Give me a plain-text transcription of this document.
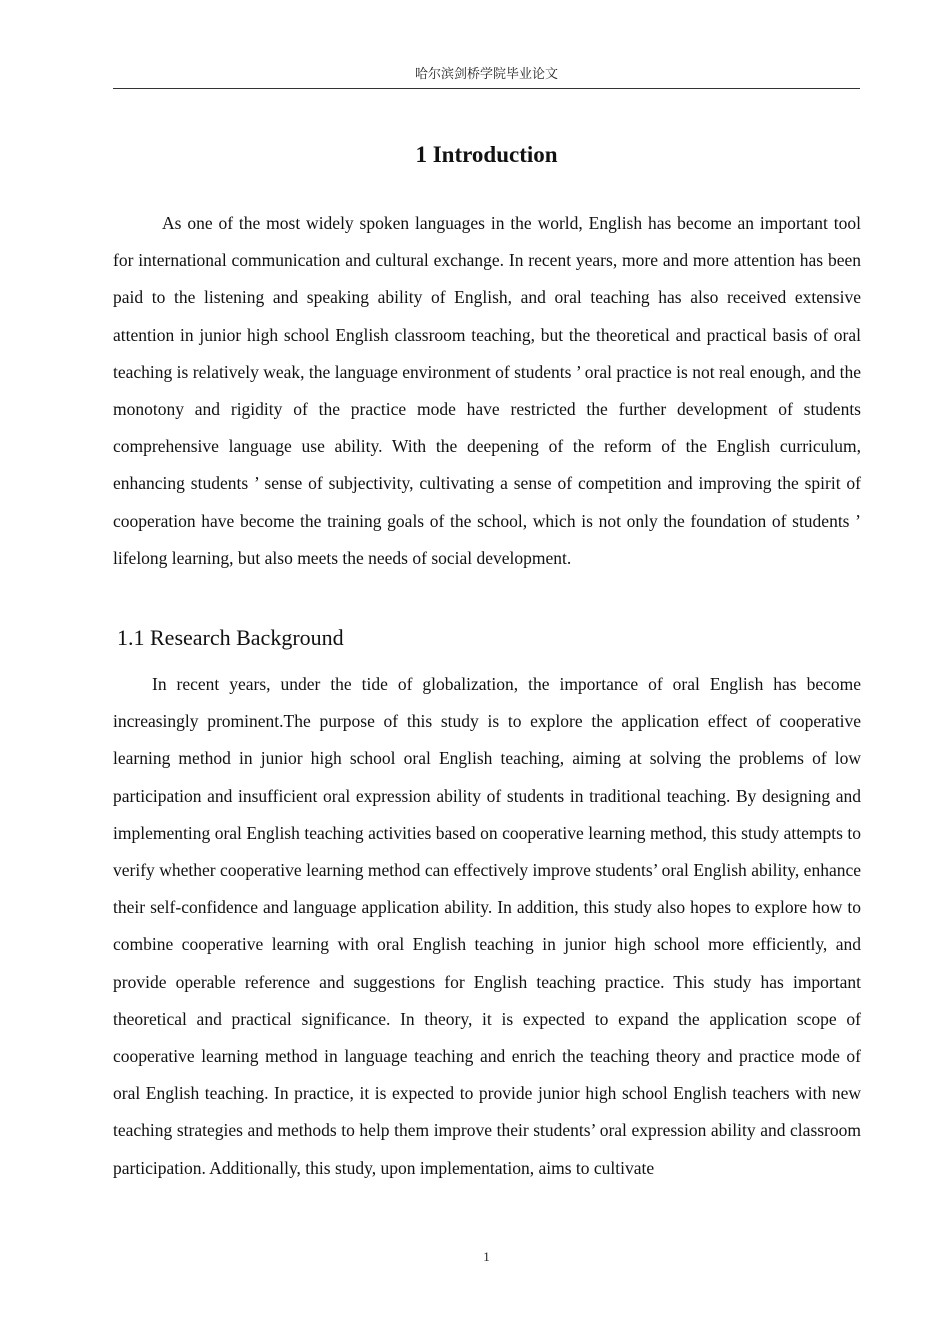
哈尔滨剑桥学院毕业论文
1 Introduction

As one of the most widely spoken languages in the world, English has become an important tool for international communication and cultural exchange. In recent years, more and more attention has been paid to the listening and speaking ability of English, and oral teaching has also received extensive attention in junior high school English classroom teaching, but the theoretical and practical basis of oral teaching is relatively weak, the language environment of students ’ oral practice is not real enough, and the monotony and rigidity of the practice mode have restricted the further development of students comprehensive language use ability. With the deepening of the reform of the English curriculum, enhancing students ’ sense of subjectivity, cultivating a sense of competition and improving the spirit of cooperation have become the training goals of the school, which is not only the foundation of students ’ lifelong learning, but also meets the needs of social development.

1.1 Research Background

In recent years, under the tide of globalization, the importance of oral English has become increasingly prominent.The purpose of this study is to explore the application effect of cooperative learning method in junior high school oral English teaching, aiming at solving the problems of low participation and insufficient oral expression ability of students in traditional teaching. By designing and implementing oral English teaching activities based on cooperative learning method, this study attempts to verify whether cooperative learning method can effectively improve students’ oral English ability, enhance their self-confidence and language application ability. In addition, this study also hopes to explore how to combine cooperative learning with oral English teaching in junior high school more efficiently, and provide operable reference and suggestions for English teaching practice. This study has important theoretical and practical significance. In theory, it is expected to expand the application scope of cooperative learning method in language teaching and enrich the teaching theory and practice mode of oral English teaching. In practice, it is expected to provide junior high school English teachers with new teaching strategies and methods to help them improve their students’ oral expression ability and classroom participation. Additionally, this study, upon implementation, aims to cultivate

1
